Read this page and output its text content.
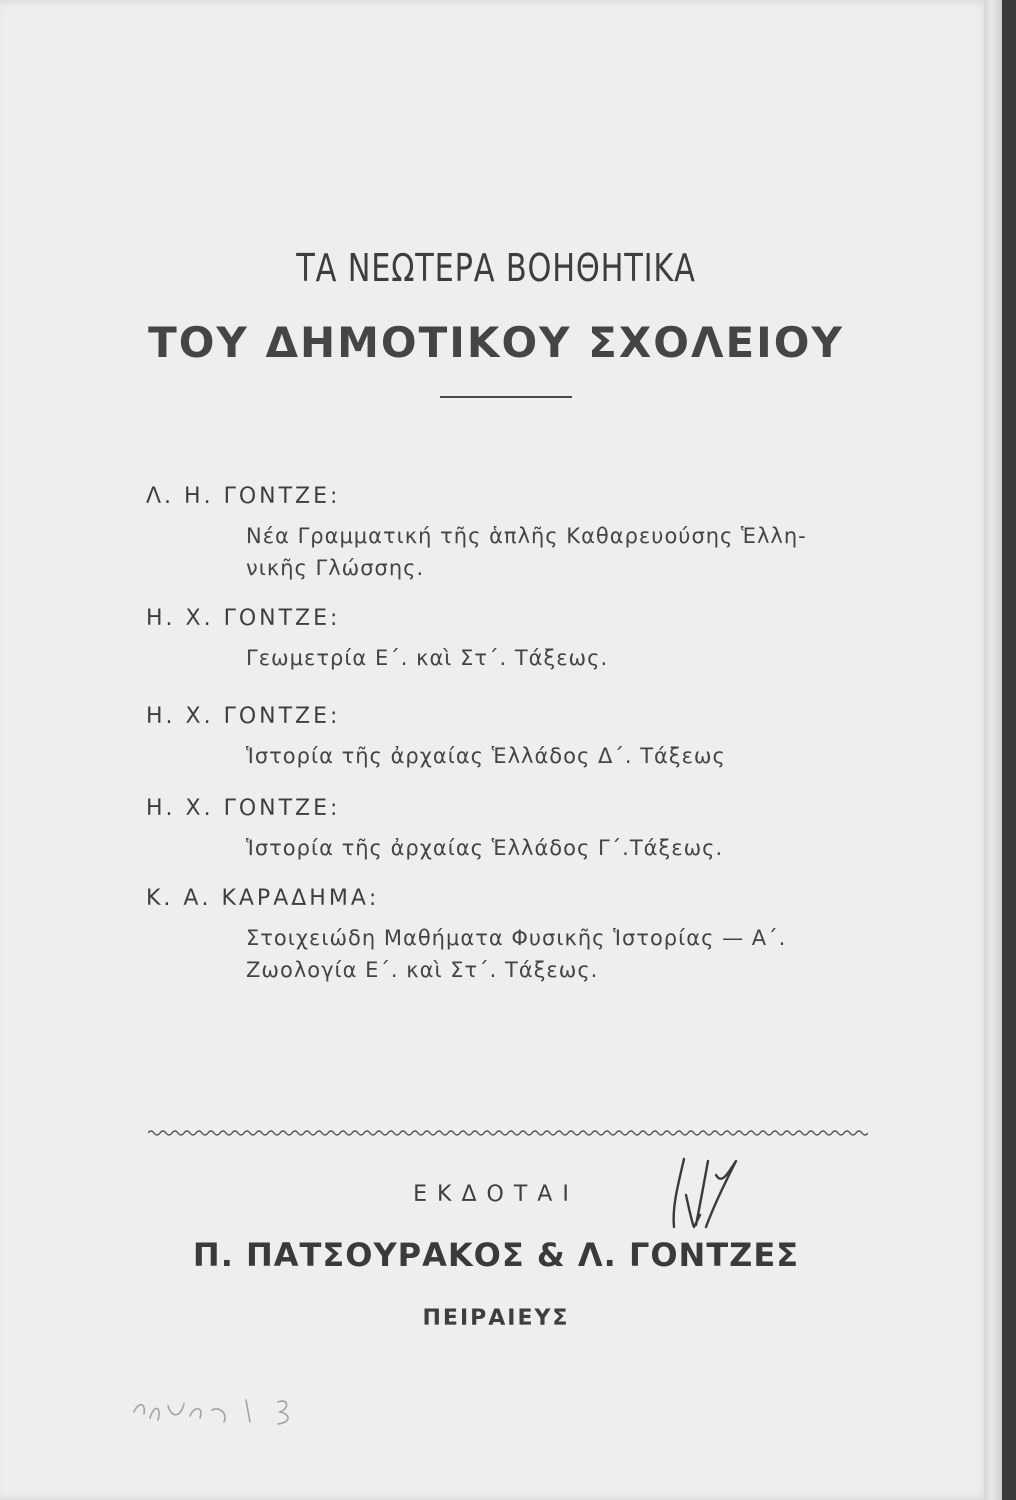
ΤΑ ΝΕΩΤΕΡΑ ΒΟΗΘΗΤΙΚΑ
ΤΟΥ ΔΗΜΟΤΙΚΟΥ ΣΧΟΛΕΙΟΥ
Λ. Η. ΓΟΝΤΖΕ:
Νέα Γραμματική τῆς ἁπλῆς Καθαρευούσης Ἑλλη-
νικῆς Γλώσσης.
Η. Χ. ΓΟΝΤΖΕ:
Γεωμετρία Ε΄. καὶ Στ΄. Τάξεως.
Η. Χ. ΓΟΝΤΖΕ:
Ἱστορία τῆς ἀρχαίας Ἑλλάδος Δ΄. Τάξεως
Η. Χ. ΓΟΝΤΖΕ:
Ἱστορία τῆς ἀρχαίας Ἑλλάδος Γ΄.Τάξεως.
Κ. Α. ΚΑΡΑΔΗΜΑ:
Στοιχειώδη Μαθήματα Φυσικῆς Ἱστορίας — Α΄.
Ζωολογία Ε΄. καὶ Στ΄. Τάξεως.
ΕΚΔΟΤΑΙ
Π. ΠΑΤΣΟΥΡΑΚΟΣ & Λ. ΓΟΝΤΖΕΣ
ΠΕΙΡΑΙΕΥΣ
